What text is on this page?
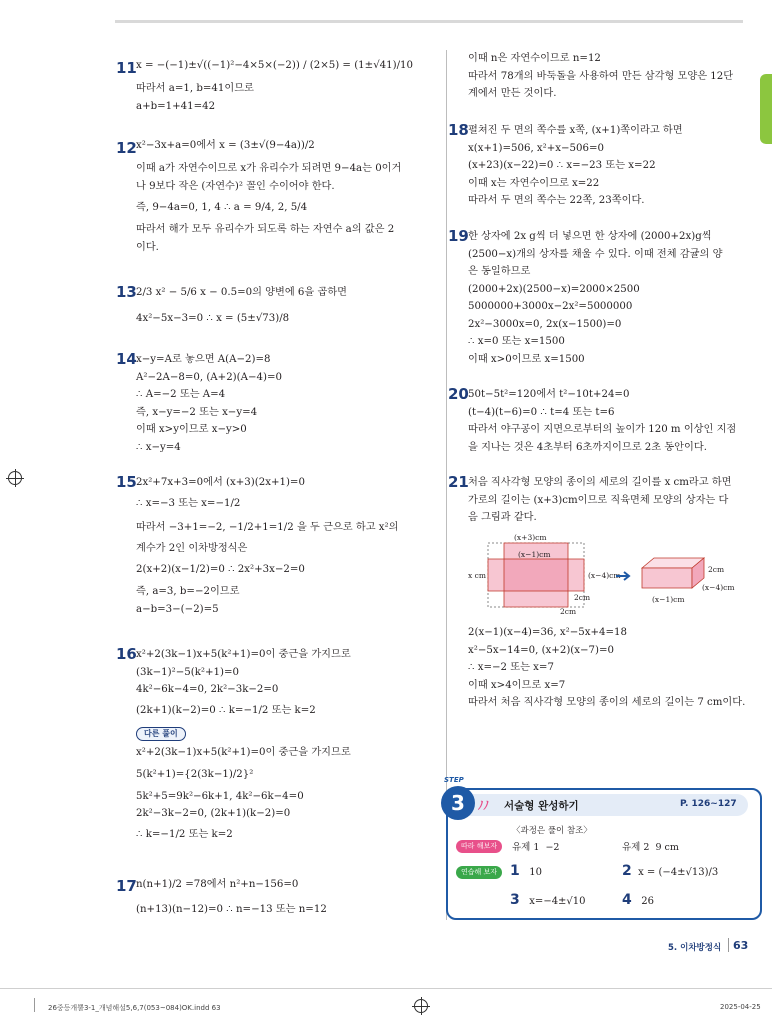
11 x = −(−1)±√((−1)²−4×5×(−2)) / (2×5) = (1±√41)/10
따라서 a=1, b=41이므로
a+b=1+41=42
12 x²−3x+a=0에서 x = (3±√(9−4a))/2
이때 a가 자연수이므로 x가 유리수가 되려면 9−4a는 0이거
나 9보다 작은 (자연수)² 꼴인 수이어야 한다.
즉, 9−4a=0, 1, 4 ∴ a = 9/4, 2, 5/4
따라서 해가 모두 유리수가 되도록 하는 자연수 a의 값은 2
이다.
13 2/3 x² − 5/6 x − 0.5=0의 양변에 6을 곱하면
4x²−5x−3=0 ∴ x = (5±√73)/8
14 x−y=A로 놓으면 A(A−2)=8
A²−2A−8=0, (A+2)(A−4)=0
∴ A=−2 또는 A=4
즉, x−y=−2 또는 x−y=4
이때 x>y이므로 x−y>0
∴ x−y=4
15 2x²+7x+3=0에서 (x+3)(2x+1)=0
∴ x=−3 또는 x=−1/2
따라서 −3+1=−2, −1/2+1=1/2 을 두 근으로 하고 x²의
계수가 2인 이차방정식은
2(x+2)(x−1/2)=0 ∴ 2x²+3x−2=0
즉, a=3, b=−2이므로
a−b=3−(−2)=5
16 x²+2(3k−1)x+5(k²+1)=0이 중근을 가지므로
(3k−1)²−5(k²+1)=0
4k²−6k−4=0, 2k²−3k−2=0
(2k+1)(k−2)=0 ∴ k=−1/2 또는 k=2
다른 풀이
x²+2(3k−1)x+5(k²+1)=0이 중근을 가지므로
5(k²+1)={2(3k−1)/2}²
5k²+5=9k²−6k+1, 4k²−6k−4=0
2k²−3k−2=0, (2k+1)(k−2)=0
∴ k=−1/2 또는 k=2
17 n(n+1)/2 =78에서 n²+n−156=0
(n+13)(n−12)=0 ∴ n=−13 또는 n=12
이때 n은 자연수이므로 n=12
따라서 78개의 바둑돌을 사용하여 만든 삼각형 모양은 12단
계에서 만든 것이다.
18 펼쳐진 두 면의 쪽수를 x쪽, (x+1)쪽이라고 하면
x(x+1)=506, x²+x−506=0
(x+23)(x−22)=0 ∴ x=−23 또는 x=22
이때 x는 자연수이므로 x=22
따라서 두 면의 쪽수는 22쪽, 23쪽이다.
19 한 상자에 2x g씩 더 넣으면 한 상자에 (2000+2x)g씩
(2500−x)개의 상자를 채울 수 있다. 이때 전체 감귤의 양
은 동일하므로
(2000+2x)(2500−x)=2000×2500
5000000+3000x−2x²=5000000
2x²−3000x=0, 2x(x−1500)=0
∴ x=0 또는 x=1500
이때 x>0이므로 x=1500
20 50t−5t²=120에서 t²−10t+24=0
(t−4)(t−6)=0 ∴ t=4 또는 t=6
따라서 야구공이 지면으로부터의 높이가 120 m 이상인 지점
을 지나는 것은 4초부터 6초까지이므로 2초 동안이다.
21 처음 직사각형 모양의 종이의 세로의 길이를 x cm라고 하면
가로의 길이는 (x+3)cm이므로 직육면체 모양의 상자는 다
음 그림과 같다.
(x+3)cm
(x−1)cm
x cm	(x−4)cm
2cm
2cm
2cm
(x−4)cm
(x−1)cm
2(x−1)(x−4)=36, x²−5x+4=18
x²−5x−14=0, (x+2)(x−7)=0
∴ x=−2 또는 x=7
이때 x>4이므로 x=7
따라서 처음 직사각형 모양의 종이의 세로의 길이는 7 cm이다.
STEP
3	ﾉﾉ 서술형 완성하기	P. 126~127
〈과정은 풀이 참조〉
따라 해보자	유제 1 −2	유제 2 9 cm
연습해 보자 1 10	2 x = (−4±√13)/3
3 x=−4±√10	4 26
5. 이차방정식 63
26중등개뿔3-1_개념해설5,6,7(053~084)OK.indd 63	2025-04-25
